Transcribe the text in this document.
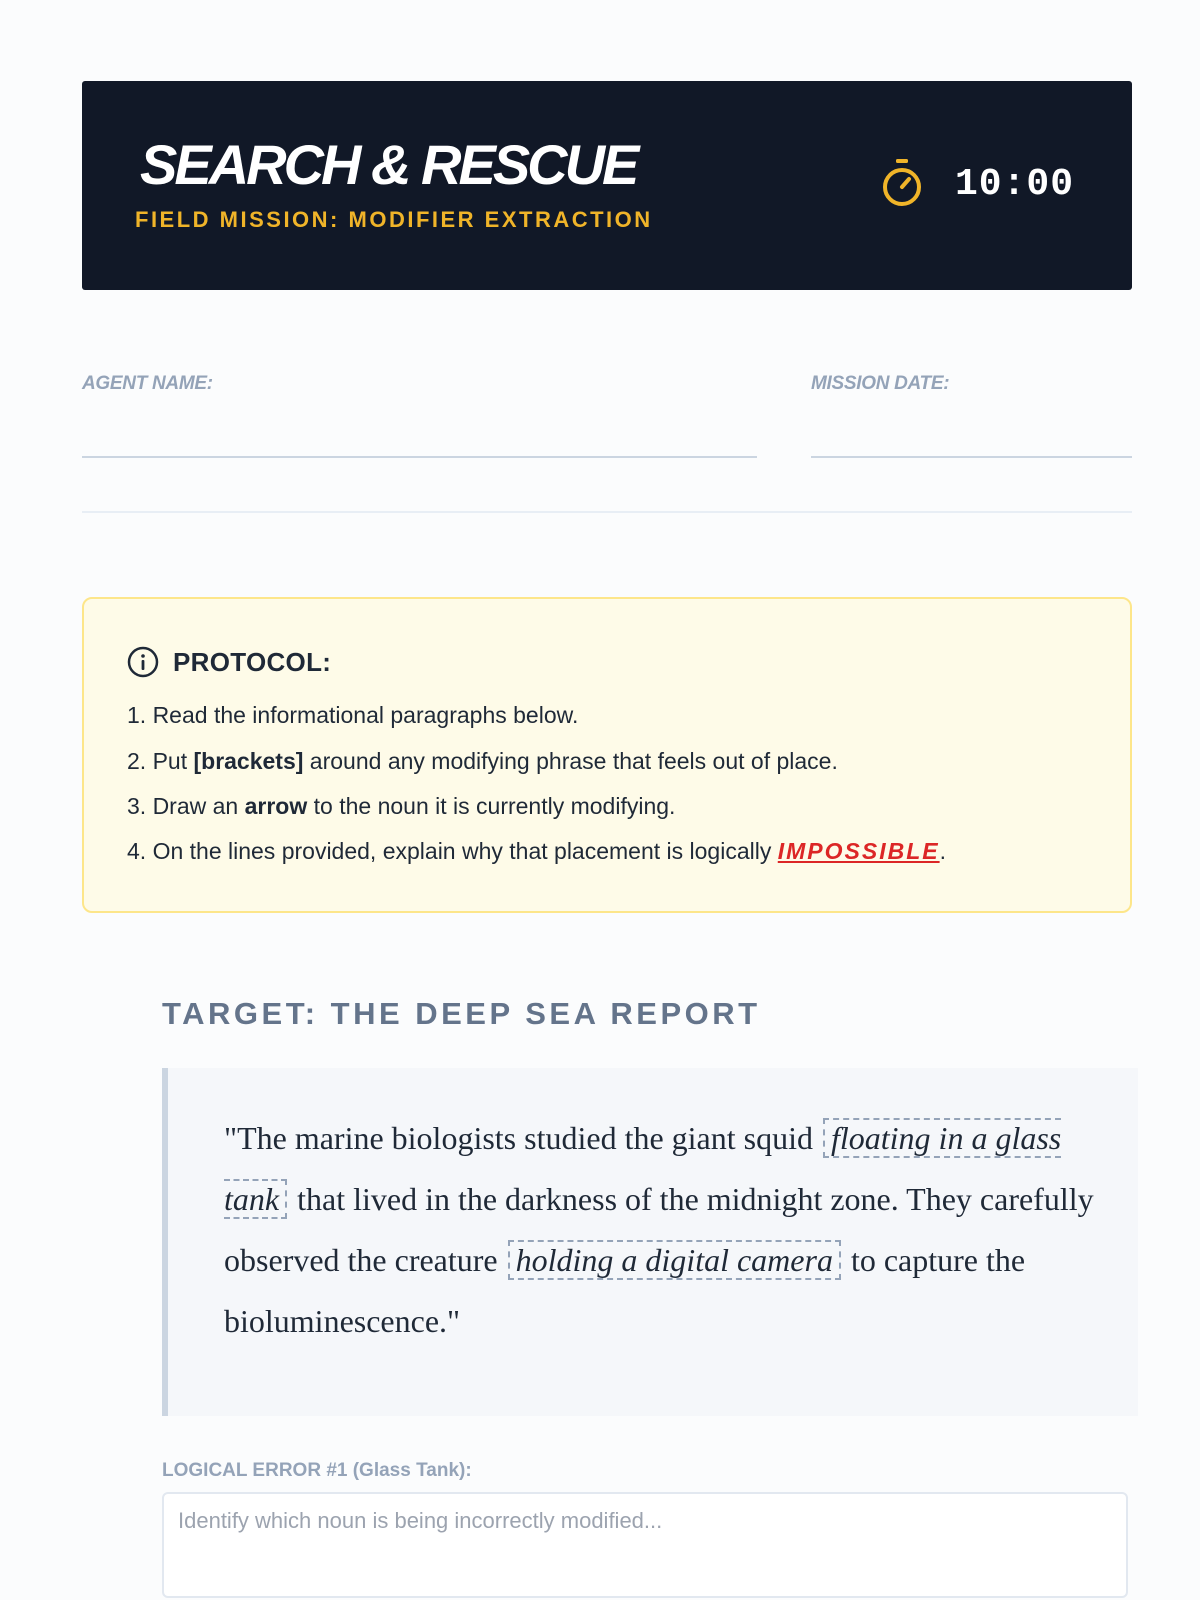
SEARCH & RESCUE
FIELD MISSION: MODIFIER EXTRACTION
10:00
AGENT NAME:	MISSION DATE:
PROTOCOL:
1. Read the informational paragraphs below.
2. Put [brackets] around any modifying phrase that feels out of place.
3. Draw an arrow to the noun it is currently modifying.
4. On the lines provided, explain why that placement is logically IMPOSSIBLE.
TARGET: THE DEEP SEA REPORT
"The marine biologists studied the giant squid floating in a glass tank that lived in the darkness of the midnight zone. They carefully observed the creature holding a digital camera to capture the bioluminescence."
LOGICAL ERROR #1 (Glass Tank):
Identify which noun is being incorrectly modified...
